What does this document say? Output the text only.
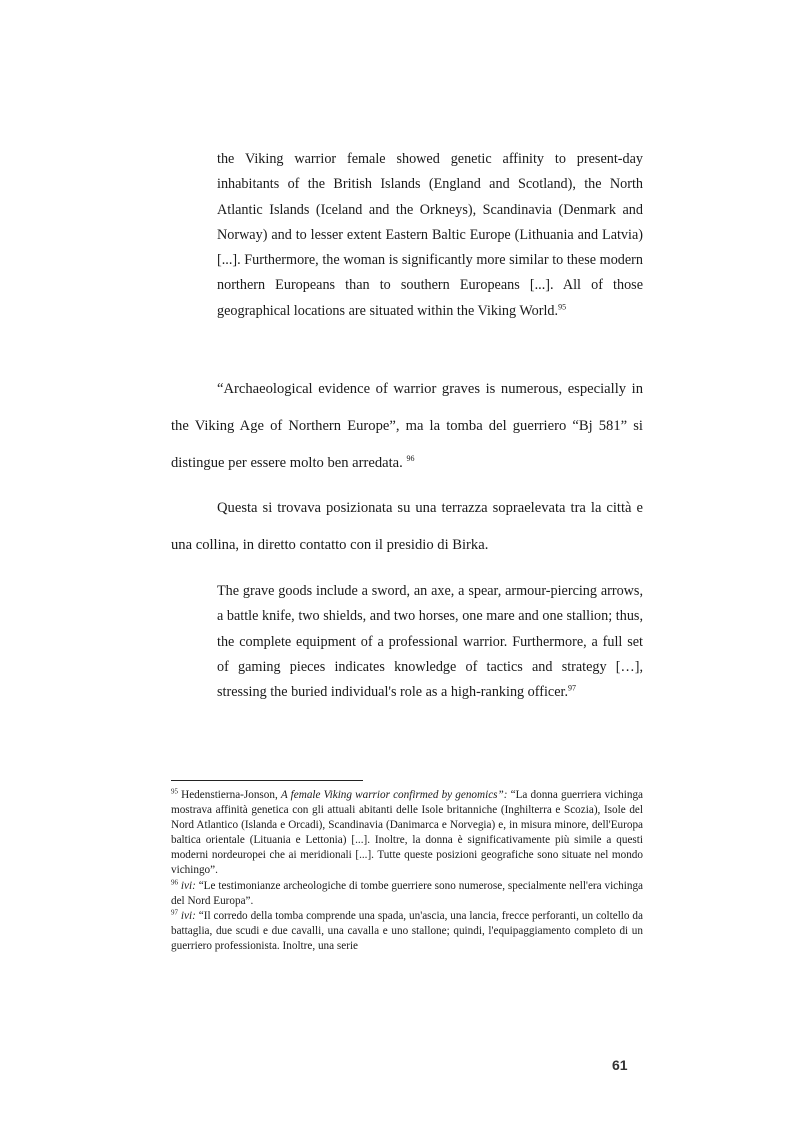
the Viking warrior female showed genetic affinity to present-day inhabitants of the British Islands (England and Scotland), the North Atlantic Islands (Iceland and the Orkneys), Scandinavia (Denmark and Norway) and to lesser extent Eastern Baltic Europe (Lithuania and Latvia) [...]. Furthermore, the woman is significantly more similar to these modern northern Europeans than to southern Europeans [...]. All of those geographical locations are situated within the Viking World.$^{95}$

“Archaeological evidence of warrior graves is numerous, especially in the Viking Age of Northern Europe”, ma la tomba del guerriero “Bj 581” si distingue per essere molto ben arredata. $^{96}$

Questa si trovava posizionata su una terrazza sopraelevata tra la città e una collina, in diretto contatto con il presidio di Birka.

The grave goods include a sword, an axe, a spear, armour-piercing arrows, a battle knife, two shields, and two horses, one mare and one stallion; thus, the complete equipment of a professional warrior. Furthermore, a full set of gaming pieces indicates knowledge of tactics and strategy […], stressing the buried individual's role as a high-ranking officer.$^{97}$

$^{95}$ Hedenstierna-Jonson, A female Viking warrior confirmed by genomics”: “La donna guerriera vichinga mostrava affinità genetica con gli attuali abitanti delle Isole britanniche (Inghilterra e Scozia), Isole del Nord Atlantico (Islanda e Orcadi), Scandinavia (Danimarca e Norvegia) e, in misura minore, dell'Europa baltica orientale (Lituania e Lettonia) [...]. Inoltre, la donna è significativamente più simile a questi moderni nordeuropei che ai meridionali [...]. Tutte queste posizioni geografiche sono situate nel mondo vichingo”.

$^{96}$ ivi: “Le testimonianze archeologiche di tombe guerriere sono numerose, specialmente nell'era vichinga del Nord Europa”.

$^{97}$ ivi: “Il corredo della tomba comprende una spada, un'ascia, una lancia, frecce perforanti, un coltello da battaglia, due scudi e due cavalli, una cavalla e uno stallone; quindi, l'equipaggiamento completo di un guerriero professionista. Inoltre, una serie

61
